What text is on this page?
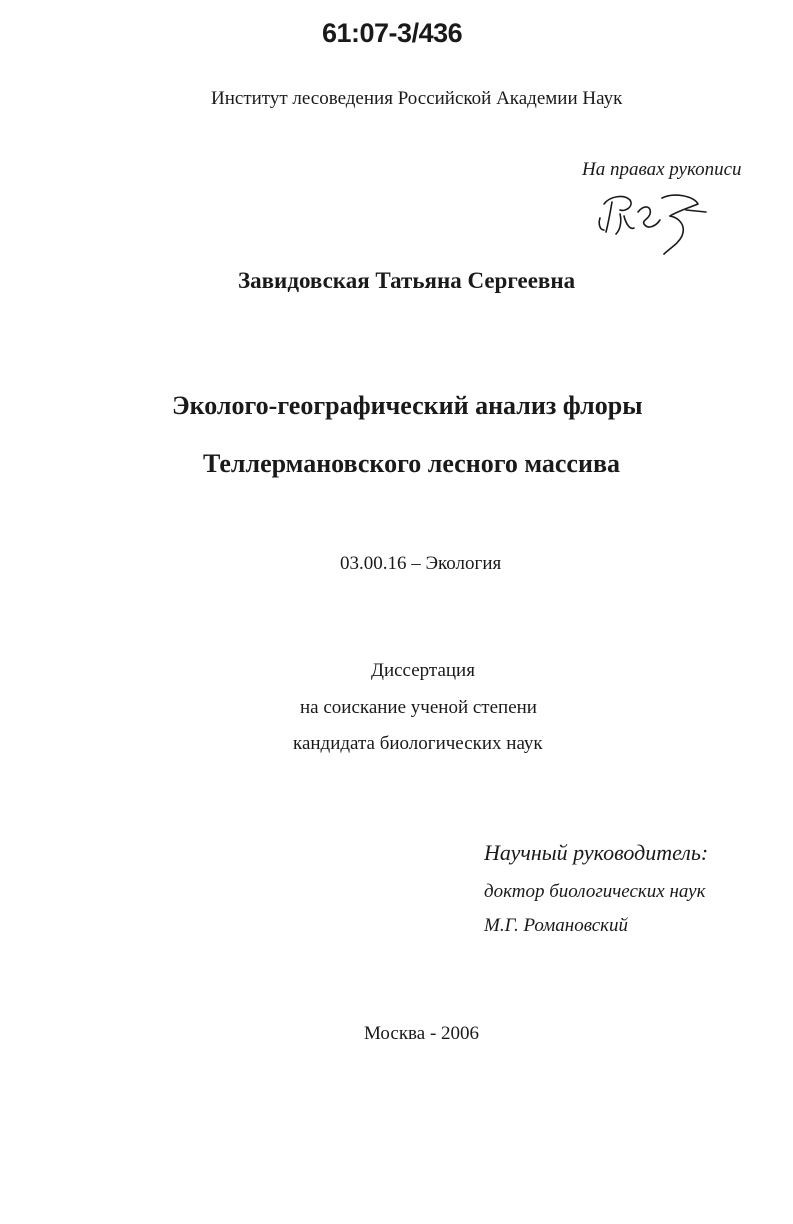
61:07-3/436
Институт лесоведения Российской Академии Наук
На правах рукописи
Завидовская Татьяна Сергеевна
Эколого-географический анализ флоры
Теллермановского лесного массива
03.00.16 – Экология
Диссертация
на соискание ученой степени
кандидата биологических наук
Научный руководитель:
доктор биологических наук
М.Г. Романовский
Москва - 2006
